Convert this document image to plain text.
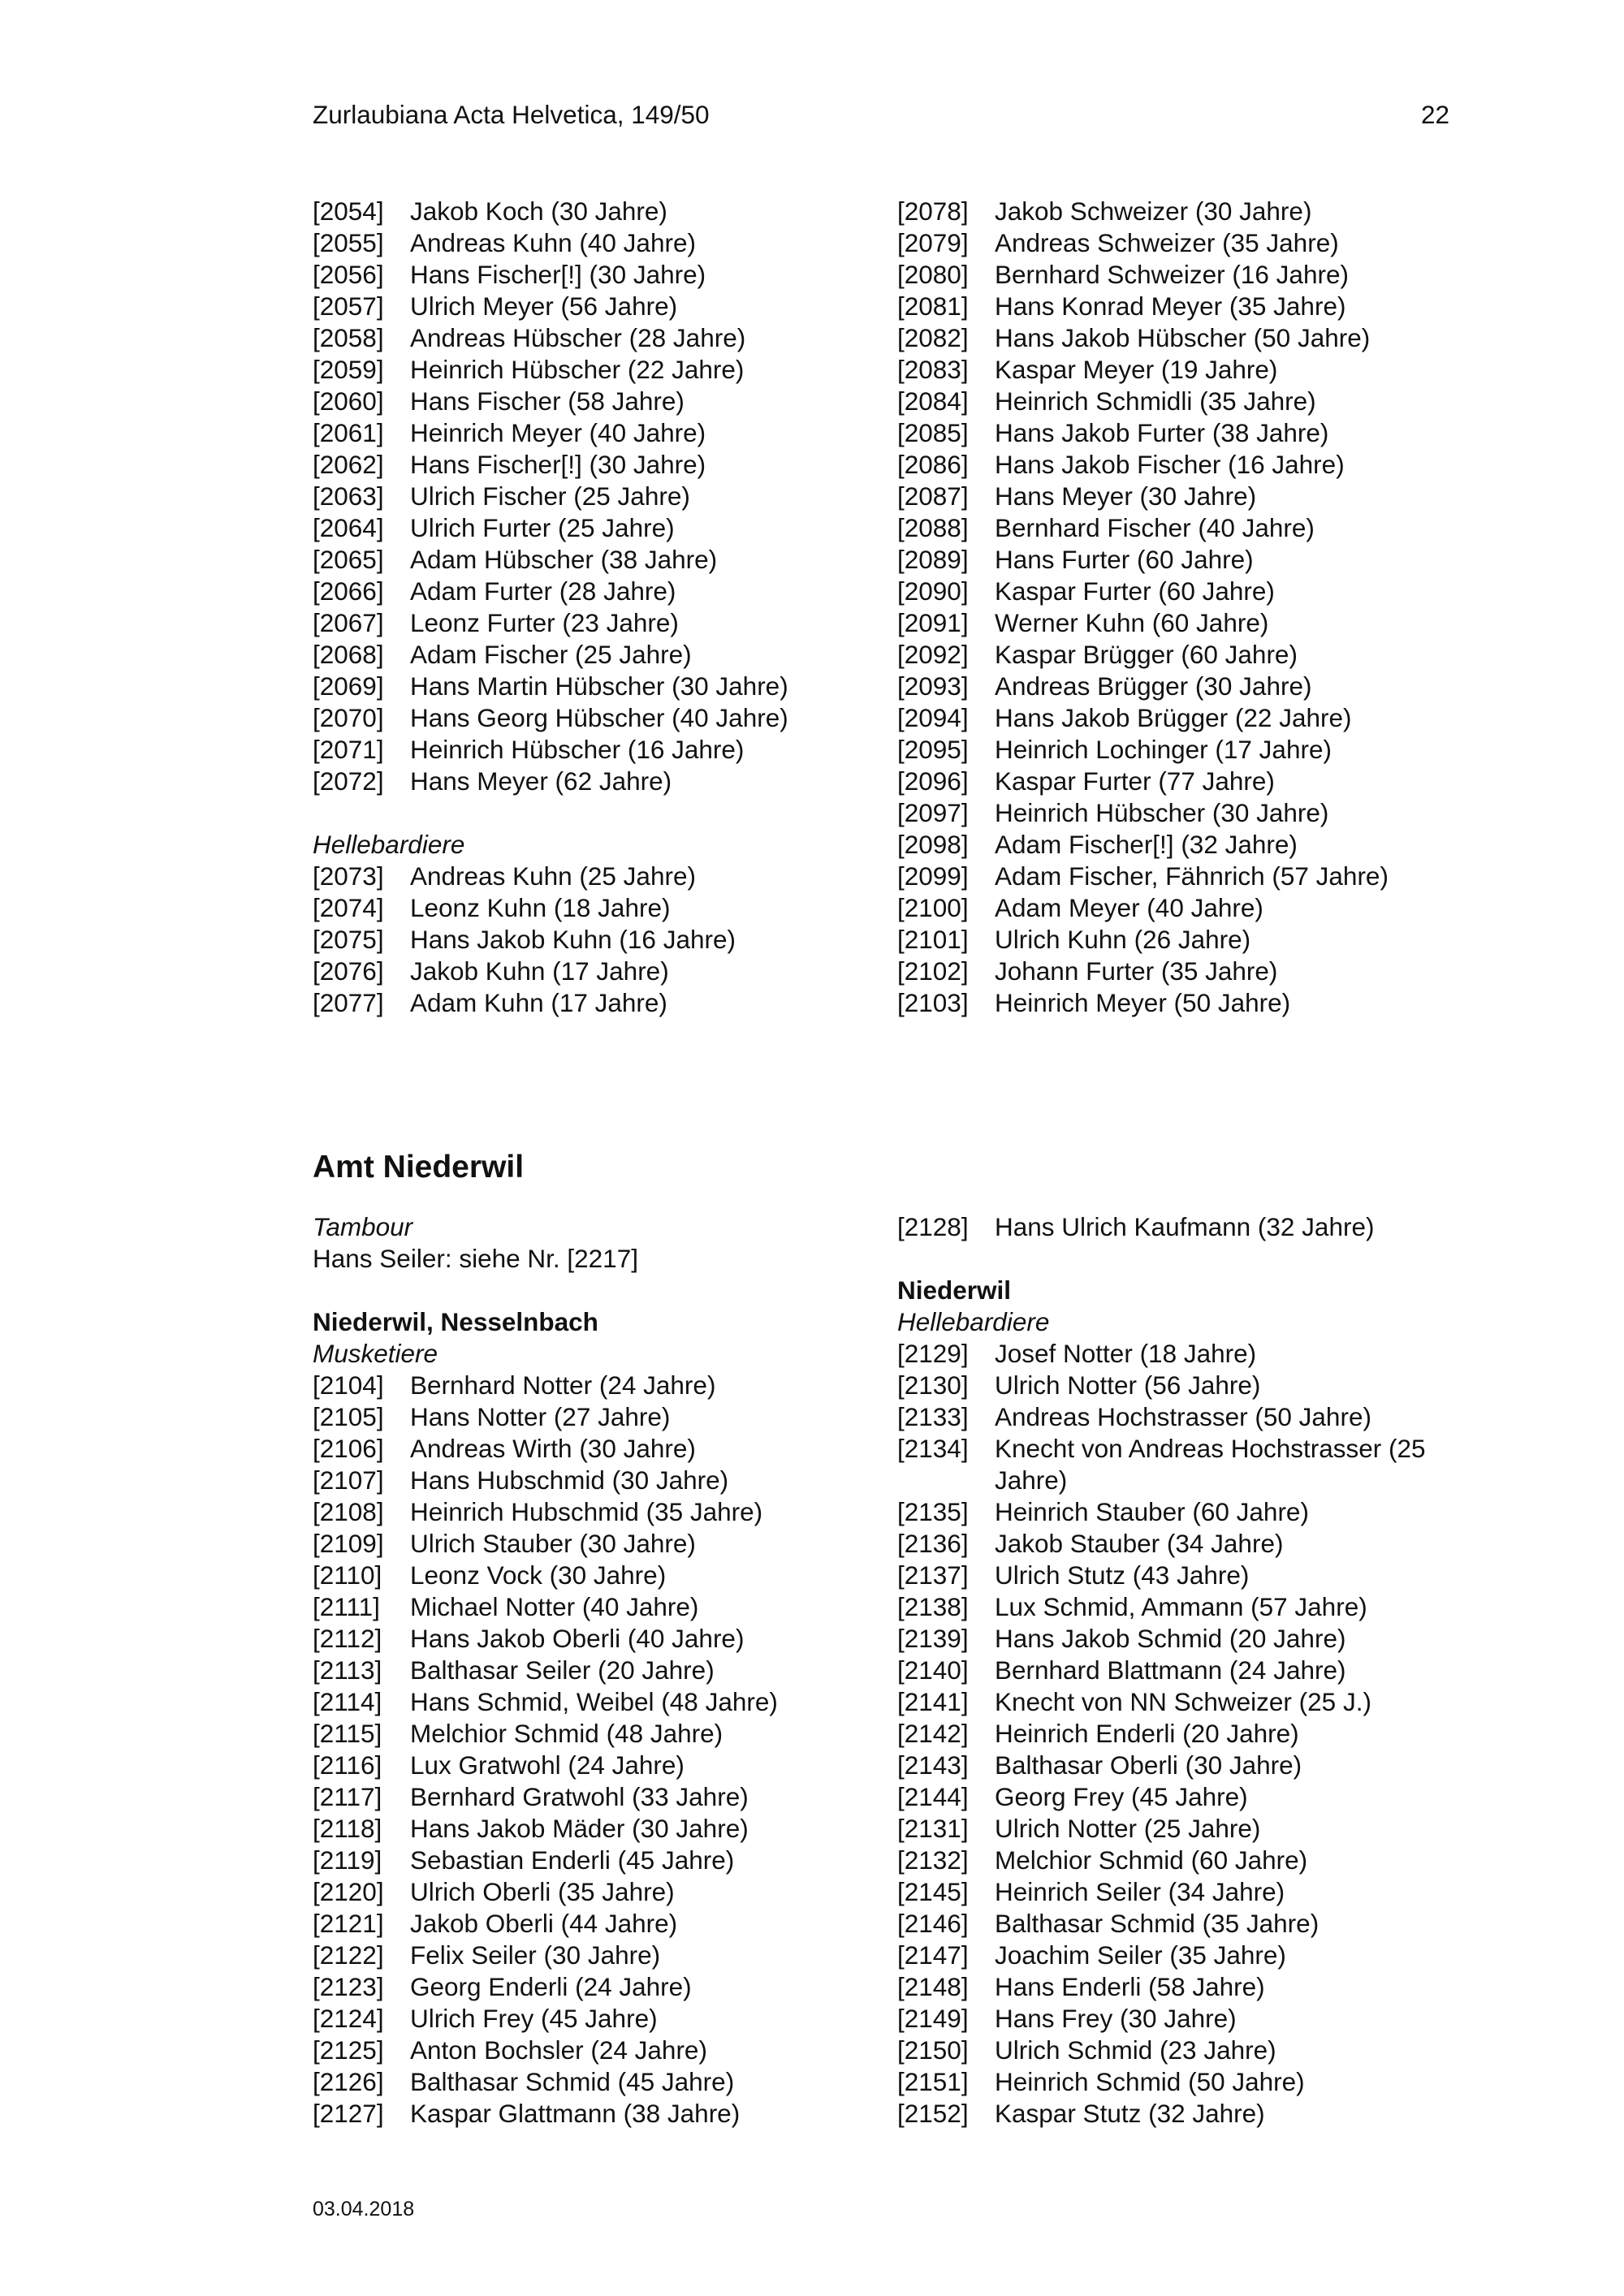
Zurlaubiana Acta Helvetica, 149/50	22
[2054]	Jakob Koch (30 Jahre)
[2055]	Andreas Kuhn (40 Jahre)
[2056]	Hans Fischer[!] (30 Jahre)
[2057]	Ulrich Meyer (56 Jahre)
[2058]	Andreas Hübscher (28 Jahre)
[2059]	Heinrich Hübscher (22 Jahre)
[2060]	Hans Fischer (58 Jahre)
[2061]	Heinrich Meyer (40 Jahre)
[2062]	Hans Fischer[!] (30 Jahre)
[2063]	Ulrich Fischer (25 Jahre)
[2064]	Ulrich Furter (25 Jahre)
[2065]	Adam Hübscher (38 Jahre)
[2066]	Adam Furter (28 Jahre)
[2067]	Leonz Furter (23 Jahre)
[2068]	Adam Fischer (25 Jahre)
[2069]	Hans Martin Hübscher (30 Jahre)
[2070]	Hans Georg Hübscher (40 Jahre)
[2071]	Heinrich Hübscher (16 Jahre)
[2072]	Hans Meyer (62 Jahre)
Hellebardiere
[2073]	Andreas Kuhn (25 Jahre)
[2074]	Leonz Kuhn (18 Jahre)
[2075]	Hans Jakob Kuhn (16 Jahre)
[2076]	Jakob Kuhn (17 Jahre)
[2077]	Adam Kuhn (17 Jahre)
[2078]	Jakob Schweizer (30 Jahre)
[2079]	Andreas Schweizer (35 Jahre)
[2080]	Bernhard Schweizer (16 Jahre)
[2081]	Hans Konrad Meyer (35 Jahre)
[2082]	Hans Jakob Hübscher (50 Jahre)
[2083]	Kaspar Meyer (19 Jahre)
[2084]	Heinrich Schmidli (35 Jahre)
[2085]	Hans Jakob Furter (38 Jahre)
[2086]	Hans Jakob Fischer (16 Jahre)
[2087]	Hans Meyer (30 Jahre)
[2088]	Bernhard Fischer (40 Jahre)
[2089]	Hans Furter (60 Jahre)
[2090]	Kaspar Furter (60 Jahre)
[2091]	Werner Kuhn (60 Jahre)
[2092]	Kaspar Brügger (60 Jahre)
[2093]	Andreas Brügger (30 Jahre)
[2094]	Hans Jakob Brügger (22 Jahre)
[2095]	Heinrich Lochinger (17 Jahre)
[2096]	Kaspar Furter (77 Jahre)
[2097]	Heinrich Hübscher (30 Jahre)
[2098]	Adam Fischer[!] (32 Jahre)
[2099]	Adam Fischer, Fähnrich (57 Jahre)
[2100]	Adam Meyer (40 Jahre)
[2101]	Ulrich Kuhn (26 Jahre)
[2102]	Johann Furter (35 Jahre)
[2103]	Heinrich Meyer (50 Jahre)
Amt Niederwil
Tambour
Hans Seiler: siehe Nr. [2217]
Niederwil, Nesselnbach
Musketiere
[2104]	Bernhard Notter (24 Jahre)
[2105]	Hans Notter (27 Jahre)
[2106]	Andreas Wirth (30 Jahre)
[2107]	Hans Hubschmid (30 Jahre)
[2108]	Heinrich Hubschmid (35 Jahre)
[2109]	Ulrich Stauber (30 Jahre)
[2110]	Leonz Vock (30 Jahre)
[2111]	Michael Notter (40 Jahre)
[2112]	Hans Jakob Oberli (40 Jahre)
[2113]	Balthasar Seiler (20 Jahre)
[2114]	Hans Schmid, Weibel (48 Jahre)
[2115]	Melchior Schmid (48 Jahre)
[2116]	Lux Gratwohl (24 Jahre)
[2117]	Bernhard Gratwohl (33 Jahre)
[2118]	Hans Jakob Mäder (30 Jahre)
[2119]	Sebastian Enderli (45 Jahre)
[2120]	Ulrich Oberli (35 Jahre)
[2121]	Jakob Oberli (44 Jahre)
[2122]	Felix Seiler (30 Jahre)
[2123]	Georg Enderli (24 Jahre)
[2124]	Ulrich Frey (45 Jahre)
[2125]	Anton Bochsler (24 Jahre)
[2126]	Balthasar Schmid (45 Jahre)
[2127]	Kaspar Glattmann (38 Jahre)
[2128]	Hans Ulrich Kaufmann (32 Jahre)
Niederwil
Hellebardiere
[2129]	Josef Notter (18 Jahre)
[2130]	Ulrich Notter (56 Jahre)
[2133]	Andreas Hochstrasser (50 Jahre)
[2134]	Knecht von Andreas Hochstrasser (25 Jahre)
[2135]	Heinrich Stauber (60 Jahre)
[2136]	Jakob Stauber (34 Jahre)
[2137]	Ulrich Stutz (43 Jahre)
[2138]	Lux Schmid, Ammann (57 Jahre)
[2139]	Hans Jakob Schmid (20 Jahre)
[2140]	Bernhard Blattmann (24 Jahre)
[2141]	Knecht von NN Schweizer (25 J.)
[2142]	Heinrich Enderli (20 Jahre)
[2143]	Balthasar Oberli (30 Jahre)
[2144]	Georg Frey (45 Jahre)
[2131]	Ulrich Notter (25 Jahre)
[2132]	Melchior Schmid (60 Jahre)
[2145]	Heinrich Seiler (34 Jahre)
[2146]	Balthasar Schmid (35 Jahre)
[2147]	Joachim Seiler (35 Jahre)
[2148]	Hans Enderli (58 Jahre)
[2149]	Hans Frey (30 Jahre)
[2150]	Ulrich Schmid (23 Jahre)
[2151]	Heinrich Schmid (50 Jahre)
[2152]	Kaspar Stutz (32 Jahre)
03.04.2018
